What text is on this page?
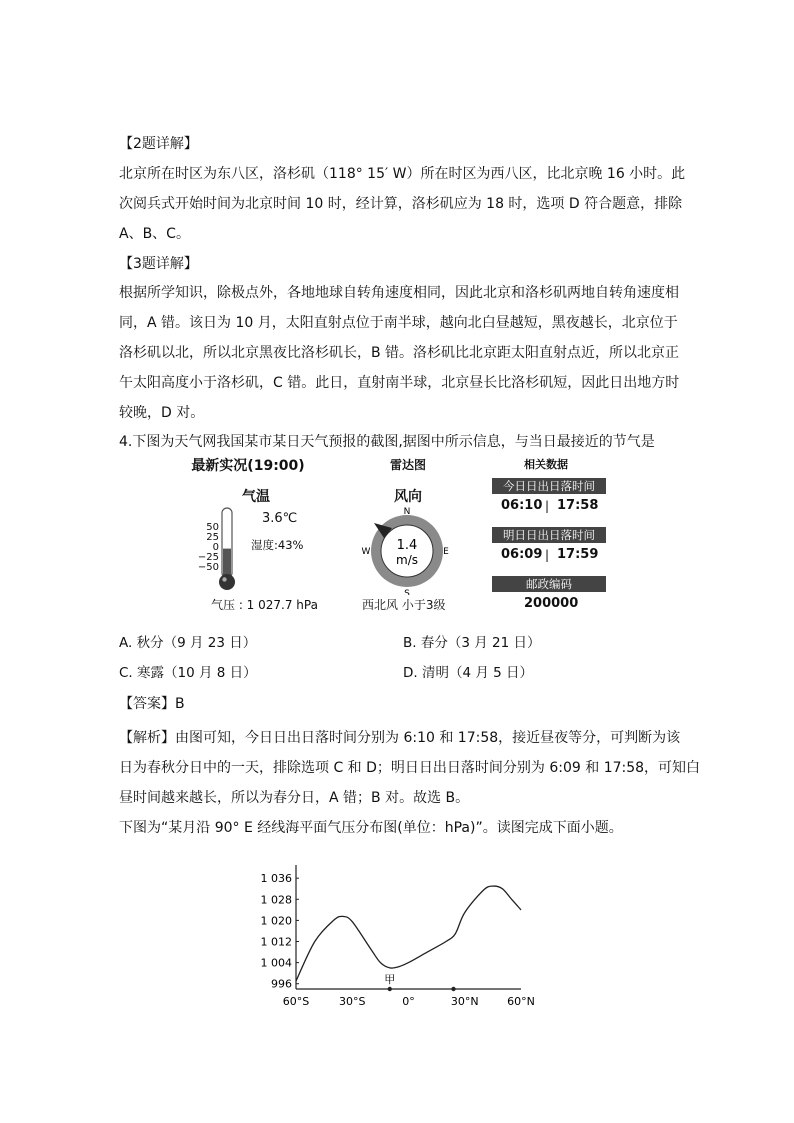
【2题详解】
北京所在时区为东八区，洛杉矶（118° 15′ W）所在时区为西八区，比北京晚 16 小时。此
次阅兵式开始时间为北京时间 10 时，经计算，洛杉矶应为 18 时，选项 D 符合题意，排除
A、B、C。
【3题详解】
根据所学知识，除极点外，各地地球自转角速度相同，因此北京和洛杉矶两地自转角速度相
同，A 错。该日为 10 月，太阳直射点位于南半球，越向北白昼越短，黑夜越长，北京位于
洛杉矶以北，所以北京黑夜比洛杉矶长，B 错。洛杉矶比北京距太阳直射点近，所以北京正
午太阳高度小于洛杉矶，C 错。此日，直射南半球，北京昼长比洛杉矶短，因此日出地方时
较晚，D 对。
4.下图为天气网我国某市某日天气预报的截图,据图中所示信息，与当日最接近的节气是
最新实况(19:00)
气温
3.6℃
湿度:43%
气压 : 1 027.7 hPa
50
25
0
−25
−50
雷达图
风向
1.4
m/s
N
S
E
W
西北风 小于3级
相关数据
今日日出日落时间
06:10 | 17:58
明日日出日落时间
06:09 | 17:59
邮政编码
200000
A. 秋分（9 月 23 日）	B. 春分（3 月 21 日）
C. 寒露（10 月 8 日）	D. 清明（4 月 5 日）
【答案】B
【解析】由图可知，今日日出日落时间分别为 6:10 和 17:58，接近昼夜等分，可判断为该
日为春秋分日中的一天，排除选项 C 和 D；明日日出日落时间分别为 6:09 和 17:58，可知白
昼时间越来越长，所以为春分日，A 错；B 对。故选 B。
下图为“某月沿 90° E 经线海平面气压分布图(单位：hPa)”。读图完成下面小题。
996
1 004
1 012
1 020
1 028
1 036
60°S	30°S	0°	30°N	60°N
甲
